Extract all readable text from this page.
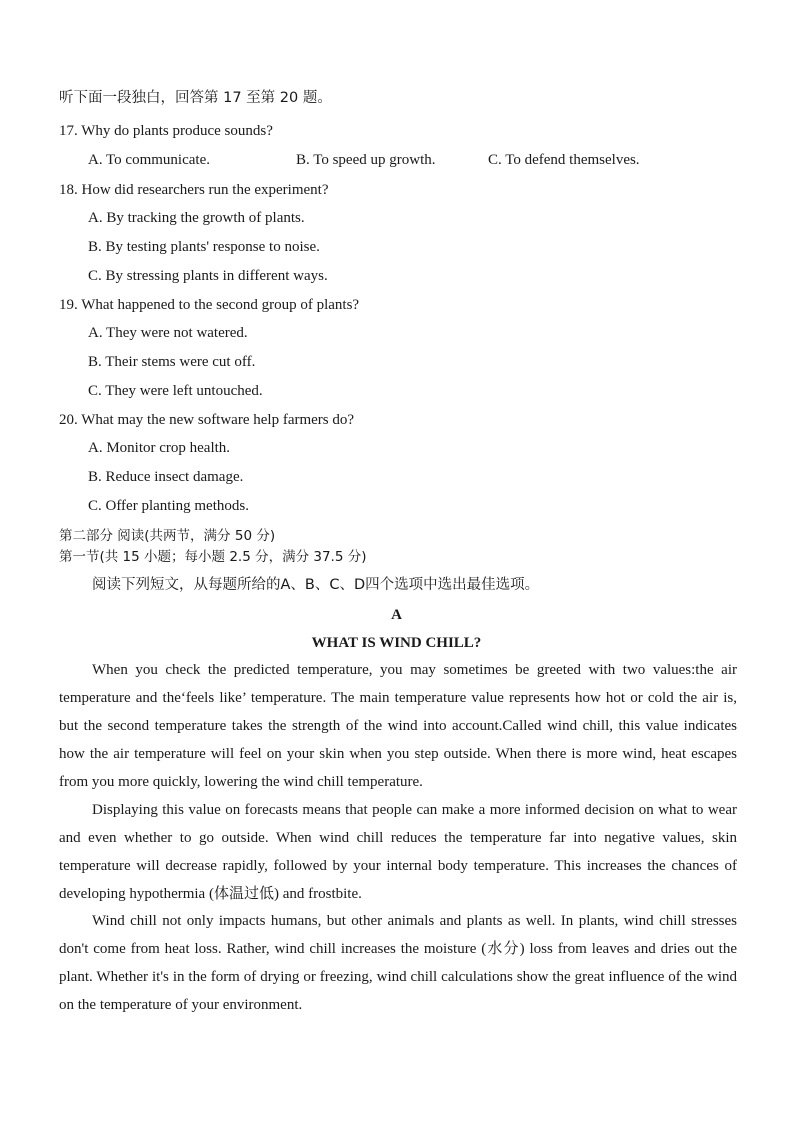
听下面一段独白，回答第 17 至第 20 题。
17. Why do plants produce sounds?
A. To communicate.	B. To speed up growth.	C. To defend themselves.
18. How did researchers run the experiment?
A. By tracking the growth of plants.
B. By testing plants' response to noise.
C. By stressing plants in different ways.
19. What happened to the second group of plants?
A. They were not watered.
B. Their stems were cut off.
C. They were left untouched.
20. What may the new software help farmers do?
A. Monitor crop health.
B. Reduce insect damage.
C. Offer planting methods.
第二部分 阅读(共两节，满分 50 分)
第一节(共 15 小题；每小题 2.5 分，满分 37.5 分)
阅读下列短文，从每题所给的A、B、C、D四个选项中选出最佳选项。
A
WHAT IS WIND CHILL?
When you check the predicted temperature, you may sometimes be greeted with two values:the air temperature and the‘feels like’ temperature. The main temperature value represents how hot or cold the air is, but the second temperature takes the strength of the wind into account.Called wind chill, this value indicates how the air temperature will feel on your skin when you step outside. When there is more wind, heat escapes from you more quickly, lowering the wind chill temperature.
Displaying this value on forecasts means that people can make a more informed decision on what to wear and even whether to go outside. When wind chill reduces the temperature far into negative values, skin temperature will decrease rapidly, followed by your internal body temperature. This increases the chances of developing hypothermia (体温过低) and frostbite.
Wind chill not only impacts humans, but other animals and plants as well. In plants, wind chill stresses don't come from heat loss. Rather, wind chill increases the moisture (水分) loss from leaves and dries out the plant. Whether it's in the form of drying or freezing, wind chill calculations show the great influence of the wind on the temperature of your environment.
